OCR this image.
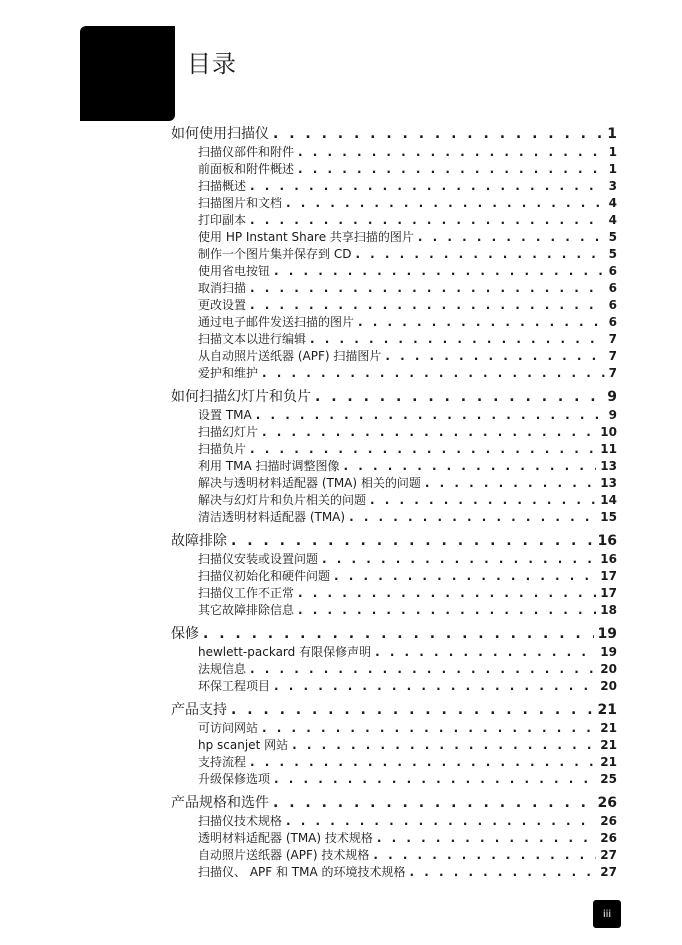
目录
如何使用扫描仪 . . .	1
扫描仪部件和附件 . . .	1
前面板和附件概述 . . .	1
扫描概述 . . .	3
扫描图片和文档 . . .	4
打印副本 . . .	4
使用 HP Instant Share 共享扫描的图片 . . .	5
制作一个图片集并保存到 CD . . .	5
使用省电按钮 . . .	6
取消扫描 . . .	6
更改设置 . . .	6
通过电子邮件发送扫描的图片 . . .	6
扫描文本以进行编辑 . . .	7
从自动照片送纸器 (APF) 扫描图片 . . .	7
爱护和维护 . . .	7
如何扫描幻灯片和负片 . . .	9
设置 TMA . . .	9
扫描幻灯片 . . .	10
扫描负片 . . .	11
利用 TMA 扫描时调整图像 . . .	13
解决与透明材料适配器 (TMA) 相关的问题 . . .	13
解决与幻灯片和负片相关的问题 . . .	14
清洁透明材料适配器 (TMA) . . .	15
故障排除 . . .	16
扫描仪安装或设置问题 . . .	16
扫描仪初始化和硬件问题 . . .	17
扫描仪工作不正常 . . .	17
其它故障排除信息 . . .	18
保修 . . .	19
hewlett-packard 有限保修声明 . . .	19
法规信息 . . .	20
环保工程项目 . . .	20
产品支持 . . .	21
可访问网站 . . .	21
hp scanjet 网站 . . .	21
支持流程 . . .	21
升级保修选项 . . .	25
产品规格和选件 . . .	26
扫描仪技术规格 . . .	26
透明材料适配器 (TMA) 技术规格 . . .	26
自动照片送纸器 (APF) 技术规格 . . .	27
扫描仪、 APF 和 TMA 的环境技术规格 . . .	27
iii
